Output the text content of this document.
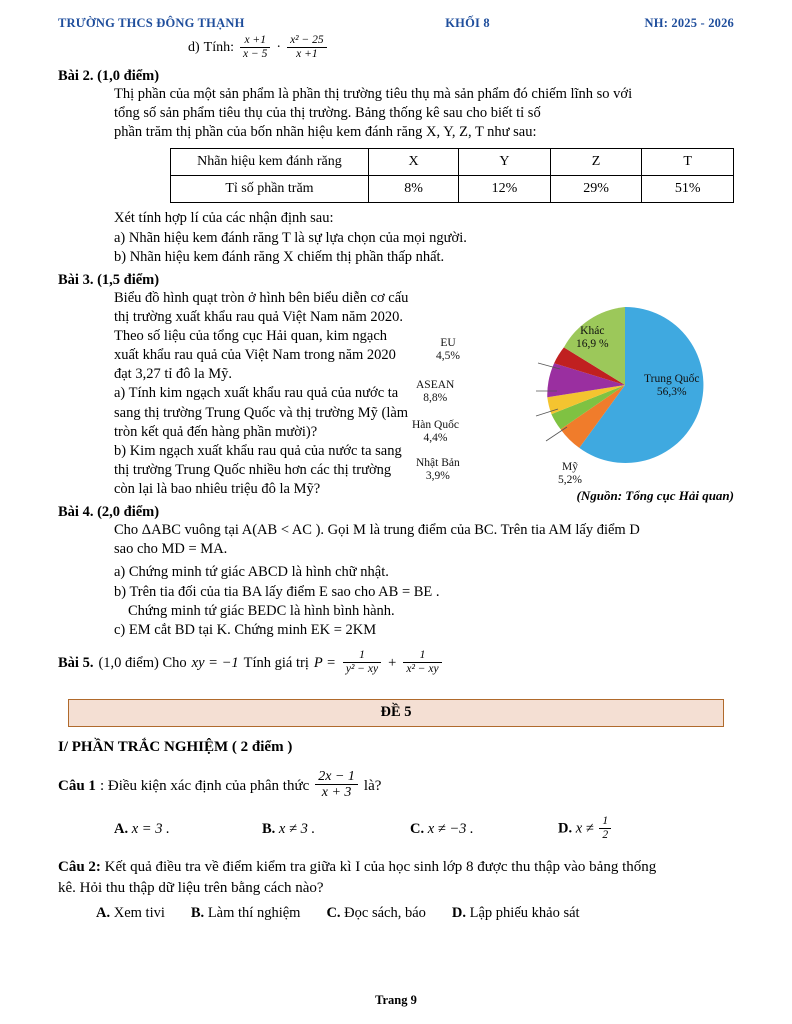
TRƯỜNG THCS ĐÔNG THẠNH	KHỐI 8	NH: 2025 - 2026
d) Tính: $\frac{x +1}{x - 5} \cdot \frac{\text{x² − 25}}{x +1}$
Bài 2. (1,0 điểm)
Thị phần của một sản phẩm là phần thị trường tiêu thụ mà sản phẩm đó chiếm lĩnh so với
tổng số sản phẩm tiêu thụ của thị trường. Bảng thống kê sau cho biết tỉ số
phần trăm thị phần của bốn nhãn hiệu kem đánh răng X, Y, Z, T như sau:
Nhãn hiệu kem đánh răng	X	Y	Z	T
Tỉ số phần trăm	8%	12%	29%	51%
Xét tính hợp lí của các nhận định sau:
a) Nhãn hiệu kem đánh răng T là sự lựa chọn của mọi người.
b) Nhãn hiệu kem đánh răng X chiếm thị phần thấp nhất.
Bài 3. (1,5 điểm)
Biểu đồ hình quạt tròn ở hình bên biểu diễn cơ cấu
thị trường xuất khẩu rau quả Việt Nam năm 2020.
Theo số liệu của tổng cục Hải quan, kim ngạch
xuất khẩu rau quả của Việt Nam trong năm 2020
đạt 3,27 tỉ đô la Mỹ.
a) Tính kim ngạch xuất khẩu rau quả của nước ta
sang thị trường Trung Quốc và thị trường Mỹ (làm
tròn kết quả đến hàng phần mười)?
b) Kim ngạch xuất khẩu rau quả của nước ta sang
thị trường Trung Quốc nhiều hơn các thị trường
còn lại là bao nhiêu triệu đô la Mỹ?
EU
4,5%
ASEAN
8,8%
Hàn Quốc
4,4%
Nhật Bản
3,9%
Mỹ
5,2%
Khác
16,9 %
Trung Quốc
56,3%
(Nguồn: Tổng cục Hải quan)
Bài 4. (2,0 điểm)
Cho ΔABC vuông tại A(AB < AC ). Gọi M là trung điểm của BC. Trên tia AM lấy điểm D
sao cho MD = MA.
a) Chứng minh tứ giác ABCD là hình chữ nhật.
b) Trên tia đối của tia BA lấy điểm E sao cho AB = BE .
Chứng minh tứ giác BEDC là hình bình hành.
c) EM cắt BD tại K. Chứng minh EK = 2KM
Bài 5. (1,0 điểm) Cho xy = −1 Tính giá trị $P = \frac{1}{\text{y² − xy}} + \frac{1}{\text{x² − xy}}$
ĐỀ 5
I/ PHẦN TRẮC NGHIỆM ( 2 điểm )
Câu 1 : Điều kiện xác định của phân thức $\frac{2x - 1}{x + 3}$ là?
A. x = 3 .	B. x ≠ 3 .	C. x ≠ −3 .	D. $x \ne \frac{1}{2}$
Câu 2: Kết quả điều tra về điểm kiểm tra giữa kì I của học sinh lớp 8 được thu thập vào bảng thống
kê. Hỏi thu thập dữ liệu trên bằng cách nào?
A. Xem tivi B. Làm thí nghiệm C. Đọc sách, báo D. Lập phiếu khảo sát
Trang 9
